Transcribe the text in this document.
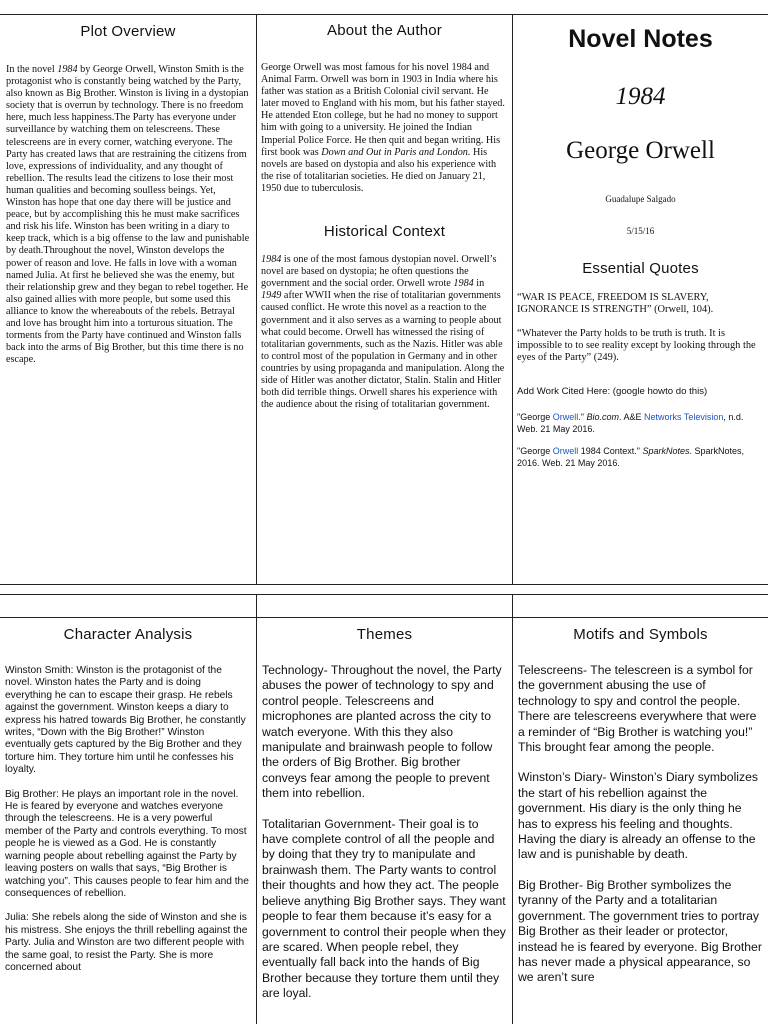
Plot Overview

In the novel 1984 by George Orwell, Winston Smith is the protagonist who is constantly being watched by the Party, also known as Big Brother. Winston is living in a dystopian society that is overrun by technology. There is no freedom here, much less happiness.The Party has everyone under surveillance by watching them on telescreens. These telescreens are in every corner, watching everyone. The Party has created laws that are restraining the citizens from love, expressions of individuality, and any thought of rebellion. The results lead the citizens to lose their most human qualities and becoming soulless beings. Yet, Winston has hope that one day there will be justice and peace, but by accomplishing this he must make sacrifices and risk his life. Winston has been writing in a diary to keep track, which is a big offense to the law and punishable by death.Throughout the novel, Winston develops the power of reason and love. He falls in love with a woman named Julia. At first he believed she was the enemy, but their relationship grew and they began to rebel together. He also gained allies with more people, but some used this alliance to know the whereabouts of the rebels. Betrayal and love has brought him into a torturous situation. The torments from the Party have continued and Winston falls back into the arms of Big Brother, but this time there is no escape.

About the Author

George Orwell was most famous for his novel 1984 and Animal Farm. Orwell was born in 1903 in India where his father was station as a British Colonial civil servant. He later moved to England with his mom, but his father stayed. He attended Eton college, but he had no money to support him with going to a university. He joined the Indian Imperial Police Force. He then quit and began writing. His first book was Down and Out in Paris and London. His novels are based on dystopia and also his experience with the rise of totalitarian societies. He died on January 21, 1950 due to tuberculosis.

Historical Context

1984 is one of the most famous dystopian novel. Orwell’s novel are based on dystopia; he often questions the government and the social order. Orwell wrote 1984 in 1949 after WWII when the rise of totalitarian governments caused conflict. He wrote this novel as a reaction to the government and it also serves as a warning to people about what could become. Orwell has witnessed the rising of totalitarian governments, such as the Nazis. Hitler was able to control most of the population in Germany and in other countries by using propaganda and manipulation. Along the side of Hitler was another dictator, Stalin. Stalin and Hitler both did terrible things. Orwell shares his experience with the audience about the rising of totalitarian government.

Novel Notes
1984
George Orwell
Guadalupe Salgado
5/15/16
Essential Quotes

“WAR IS PEACE, FREEDOM IS SLAVERY, IGNORANCE IS STRENGTH” (Orwell, 104).

“Whatever the Party holds to be truth is truth. It is impossible to to see reality except by looking through the eyes of the Party” (249).

Add Work Cited Here: (google howto do this)

"George Orwell." Bio.com. A&E Networks Television, n.d. Web. 21 May 2016.

"George Orwell 1984 Context." SparkNotes. SparkNotes, 2016. Web. 21 May 2016.

Character Analysis

Winston Smith: Winston is the protagonist of the novel. Winston hates the Party and is doing everything he can to escape their grasp. He rebels against the government. Winston keeps a diary to express his hatred towards Big Brother, he constantly writes, “Down with the Big Brother!” Winston eventually gets captured by the Big Brother and they torture him. They torture him until he confesses his loyalty.

Big Brother: He plays an important role in the novel. He is feared by everyone and watches everyone through the telescreens. He is a very powerful member of the Party and controls everything. To most people he is viewed as a God. He is constantly warning people about rebelling against the Party by leaving posters on walls that says, “Big Brother is watching you”. This causes people to fear him and the consequences of rebellion.

Julia: She rebels along the side of Winston and she is his mistress. She enjoys the thrill rebelling against the Party. Julia and Winston are two different people with the same goal, to resist the Party. She is more concerned about

Themes

Technology- Throughout the novel, the Party abuses the power of technology to spy and control people. Telescreens and microphones are planted across the city to watch everyone. With this they also manipulate and brainwash people to follow the orders of Big Brother. Big brother conveys fear among the people to prevent them into rebellion.

Totalitarian Government- Their goal is to have complete control of all the people and by doing that they try to manipulate and brainwash them. The Party wants to control their thoughts and how they act. The people believe anything Big Brother says. They want people to fear them because it’s easy for a government to control their people when they are scared. When people rebel, they eventually fall back into the hands of Big Brother because they torture them until they are loyal.

Motifs and Symbols

Telescreens- The telescreen is a symbol for the government abusing the use of technology to spy and control the people. There are telescreens everywhere that were a reminder of “Big Brother is watching you!” This brought fear among the people.

Winston’s Diary- Winston’s Diary symbolizes the start of his rebellion against the government. His diary is the only thing he has to express his feeling and thoughts. Having the diary is already an offense to the law and is punishable by death.

Big Brother- Big Brother symbolizes the tyranny of the Party and a totalitarian government. The government tries to portray Big Brother as their leader or protector, instead he is feared by everyone. Big Brother has never made a physical appearance, so we aren’t sure
